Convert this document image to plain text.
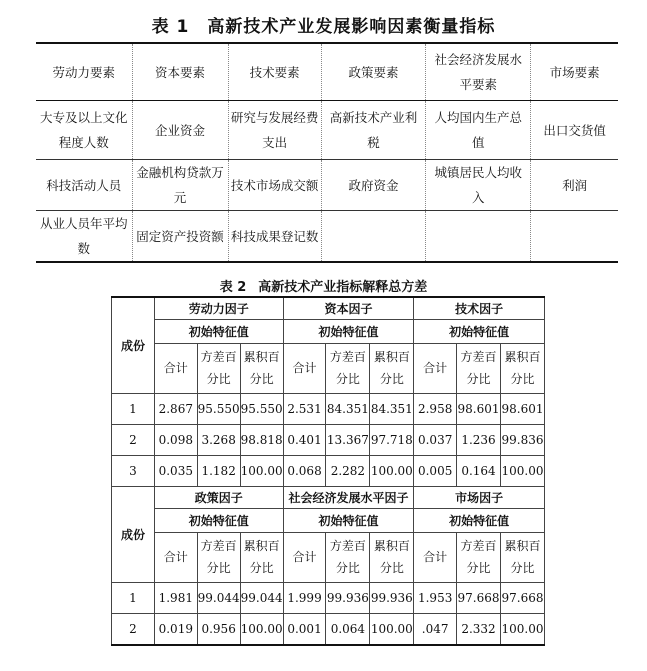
表 1 高新技术产业发展影响因素衡量指标
劳动力要素	资本要素	技术要素	政策要素	社会经济发展水平要素	市场要素
大专及以上文化程度人数	企业资金	研究与发展经费支出	高新技术产业利税	人均国内生产总值	出口交货值
科技活动人员	金融机构贷款万元	技术市场成交额	政府资金	城镇居民人均收入	利润
从业人员年平均数	固定资产投资额	科技成果登记数			
表 2 高新技术产业指标解释总方差
成份	劳动力因子			资本因子			技术因子		
	初始特征值			初始特征值			初始特征值		
	合计	方差百分比	累积百分比	合计	方差百分比	累积百分比	合计	方差百分比	累积百分比
1	2.867	95.550	95.550	2.531	84.351	84.351	2.958	98.601	98.601
2	0.098	3.268	98.818	0.401	13.367	97.718	0.037	1.236	99.836
3	0.035	1.182	100.00	0.068	2.282	100.00	0.005	0.164	100.00
成份	政策因子			社会经济发展水平因子			市场因子		
	初始特征值			初始特征值			初始特征值		
	合计	方差百分比	累积百分比	合计	方差百分比	累积百分比	合计	方差百分比	累积百分比
1	1.981	99.044	99.044	1.999	99.936	99.936	1.953	97.668	97.668
2	0.019	0.956	100.00	0.001	0.064	100.00	.047	2.332	100.00
